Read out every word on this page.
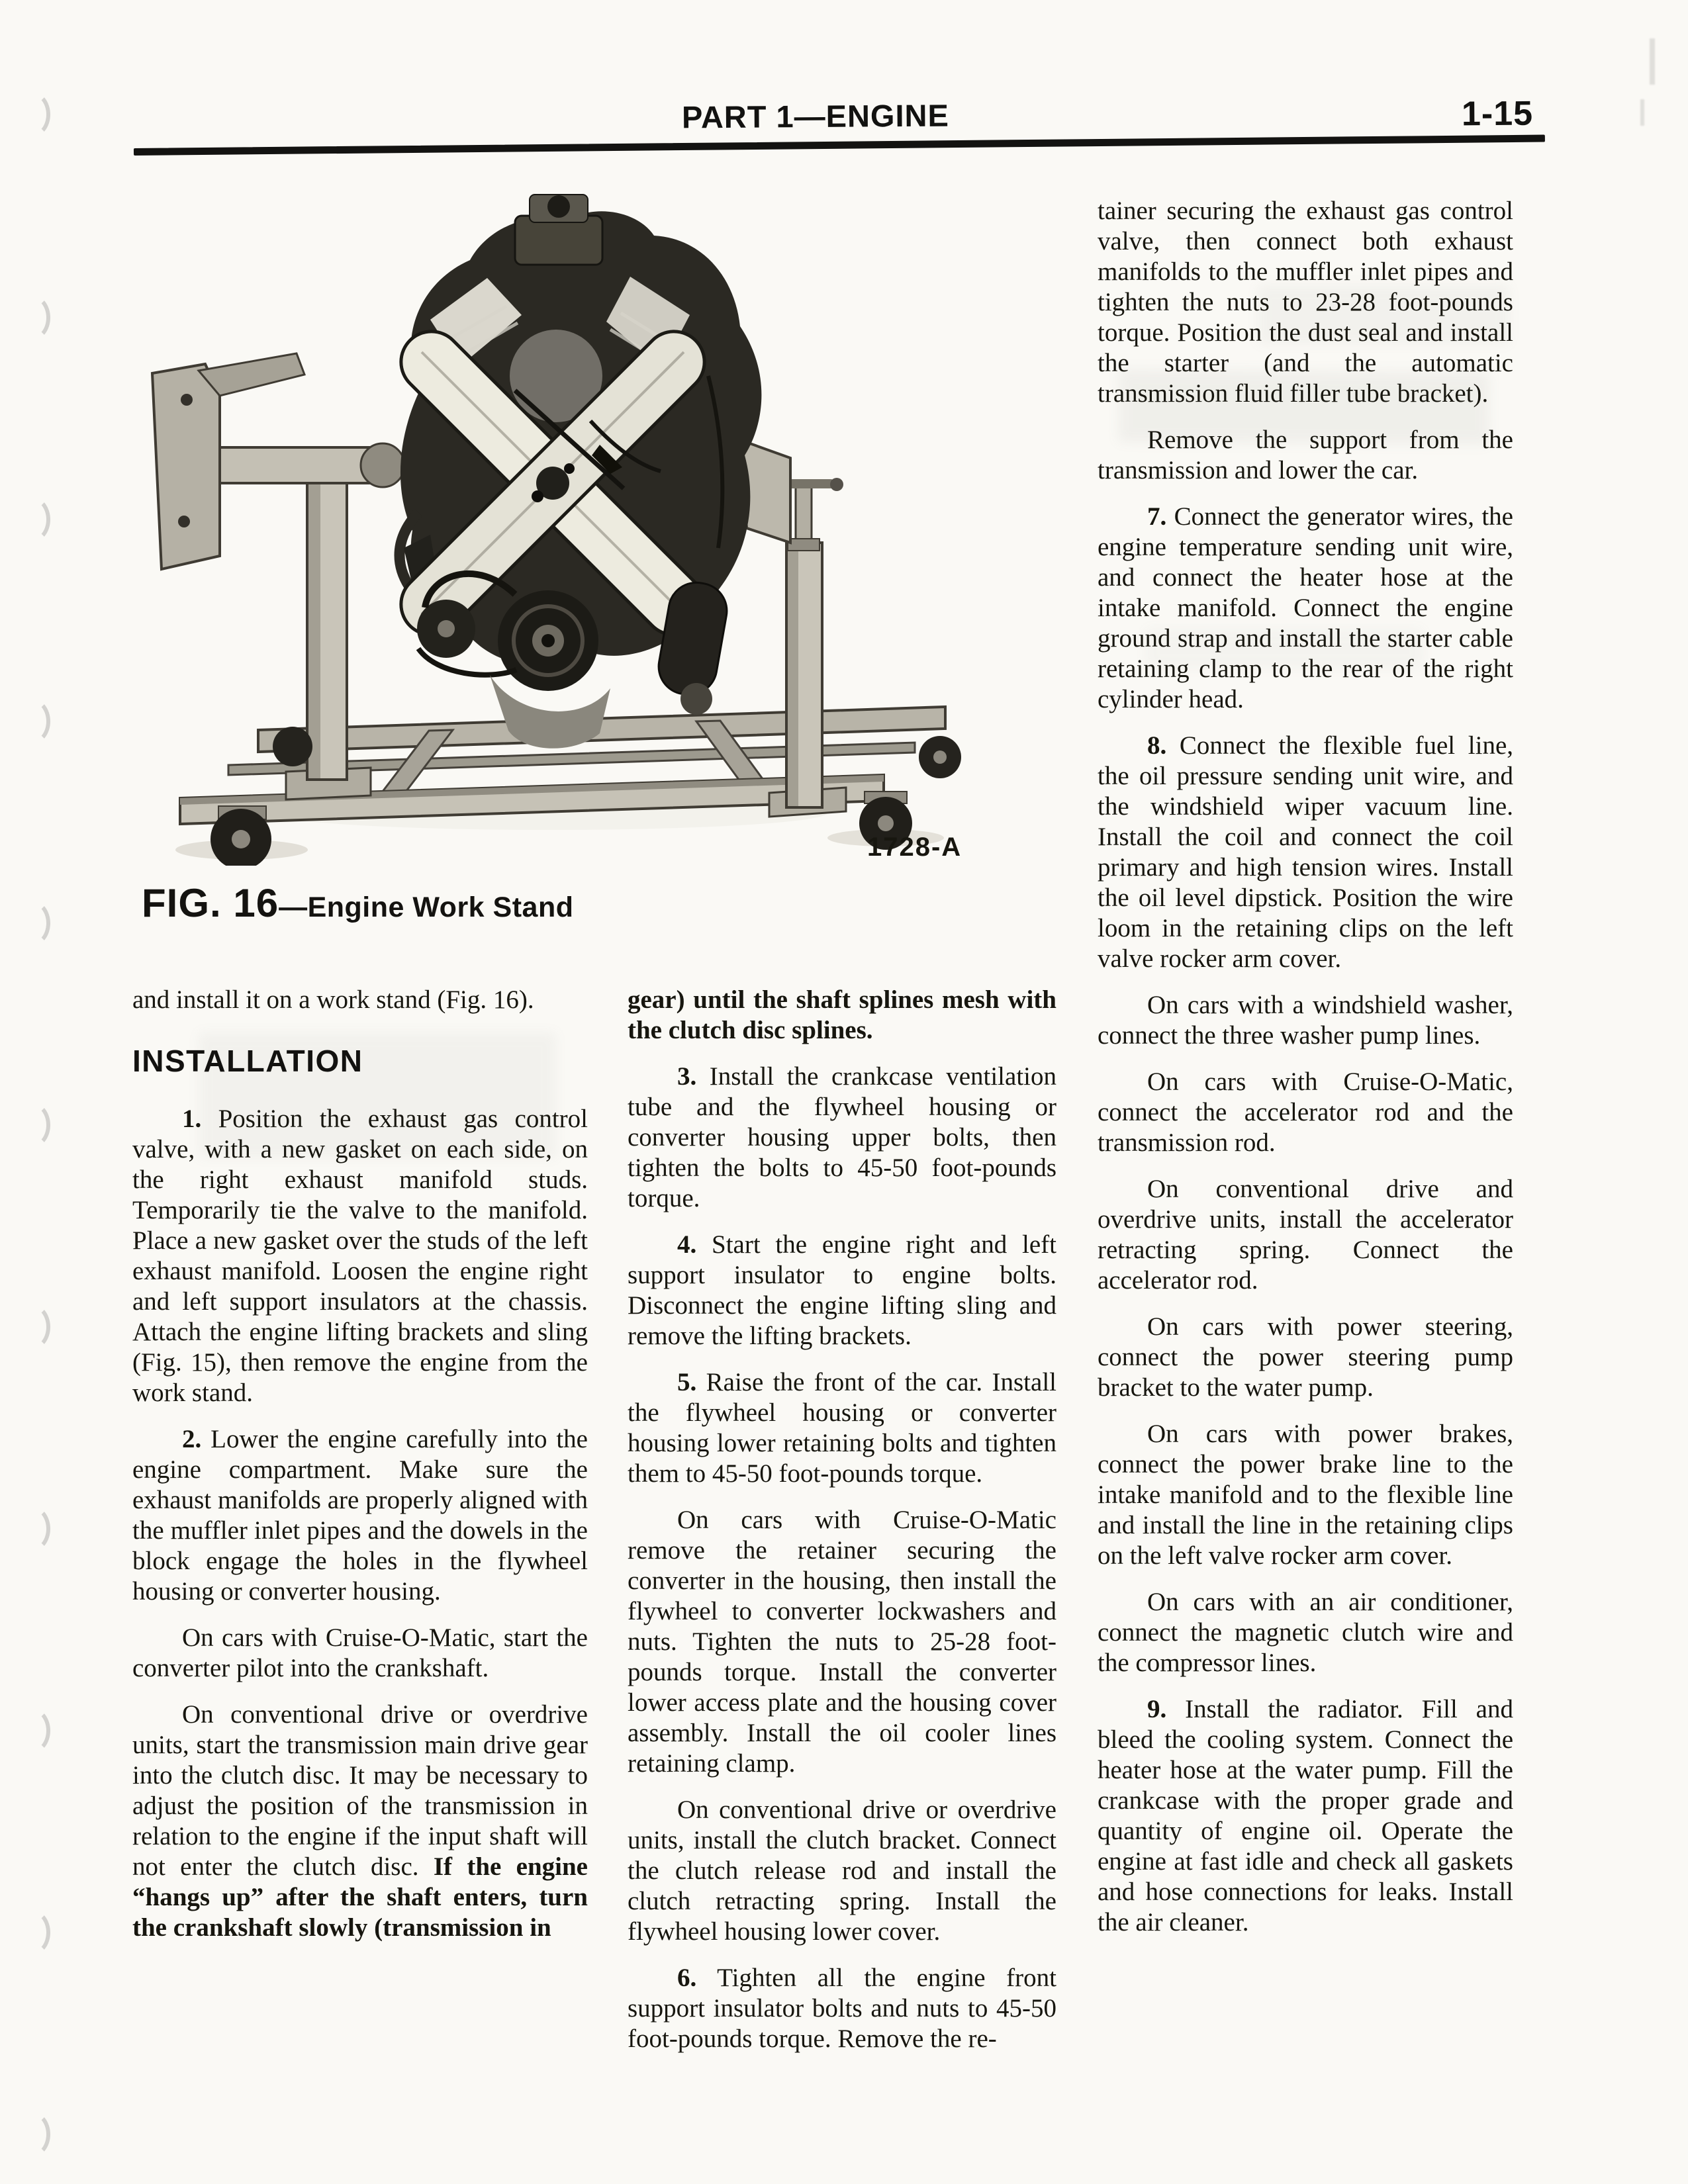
PART 1—ENGINE	1-15
1728-A
FIG. 16 —Engine Work Stand

and install it on a work stand (Fig. 16).

INSTALLATION

1. Position the exhaust gas control valve, with a new gasket on each side, on the right exhaust manifold studs. Temporarily tie the valve to the manifold. Place a new gasket over the studs of the left exhaust manifold. Loosen the engine right and left support insulators at the chassis. Attach the engine lifting brackets and sling (Fig. 15), then remove the engine from the work stand.

2. Lower the engine carefully into the engine compartment. Make sure the exhaust manifolds are properly aligned with the muffler inlet pipes and the dowels in the block engage the holes in the flywheel housing or converter housing.

On cars with Cruise-O-Matic, start the converter pilot into the crankshaft.

On conventional drive or overdrive units, start the transmission main drive gear into the clutch disc. It may be necessary to adjust the position of the transmission in relation to the engine if the input shaft will not enter the clutch disc. If the engine “hangs up” after the shaft enters, turn the crankshaft slowly (transmission in

gear) until the shaft splines mesh with the clutch disc splines.

3. Install the crankcase ventilation tube and the flywheel housing or converter housing upper bolts, then tighten the bolts to 45-50 foot-pounds torque.

4. Start the engine right and left support insulator to engine bolts. Disconnect the engine lifting sling and remove the lifting brackets.

5. Raise the front of the car. Install the flywheel housing or converter housing lower retaining bolts and tighten them to 45-50 foot-pounds torque.

On cars with Cruise-O-Matic remove the retainer securing the converter in the housing, then install the flywheel to converter lockwashers and nuts. Tighten the nuts to 25-28 foot-pounds torque. Install the converter lower access plate and the housing cover assembly. Install the oil cooler lines retaining clamp.

On conventional drive or overdrive units, install the clutch bracket. Connect the clutch release rod and install the clutch retracting spring. Install the flywheel housing lower cover.

6. Tighten all the engine front support insulator bolts and nuts to 45-50 foot-pounds torque. Remove the re-

tainer securing the exhaust gas control valve, then connect both exhaust manifolds to the muffler inlet pipes and tighten the nuts to 23-28 foot-pounds torque. Position the dust seal and install the starter (and the automatic transmission fluid filler tube bracket).

Remove the support from the transmission and lower the car.

7. Connect the generator wires, the engine temperature sending unit wire, and connect the heater hose at the intake manifold. Connect the engine ground strap and install the starter cable retaining clamp to the rear of the right cylinder head.

8. Connect the flexible fuel line, the oil pressure sending unit wire, and the windshield wiper vacuum line. Install the coil and connect the coil primary and high tension wires. Install the oil level dipstick. Position the wire loom in the retaining clips on the left valve rocker arm cover.

On cars with a windshield washer, connect the three washer pump lines.

On cars with Cruise-O-Matic, connect the accelerator rod and the transmission rod.

On conventional drive and overdrive units, install the accelerator retracting spring. Connect the accelerator rod.

On cars with power steering, connect the power steering pump bracket to the water pump.

On cars with power brakes, connect the power brake line to the intake manifold and to the flexible line and install the line in the retaining clips on the left valve rocker arm cover.

On cars with an air conditioner, connect the magnetic clutch wire and the compressor lines.

9. Install the radiator. Fill and bleed the cooling system. Connect the heater hose at the water pump. Fill the crankcase with the proper grade and quantity of engine oil. Operate the engine at fast idle and check all gaskets and hose connections for leaks. Install the air cleaner.
